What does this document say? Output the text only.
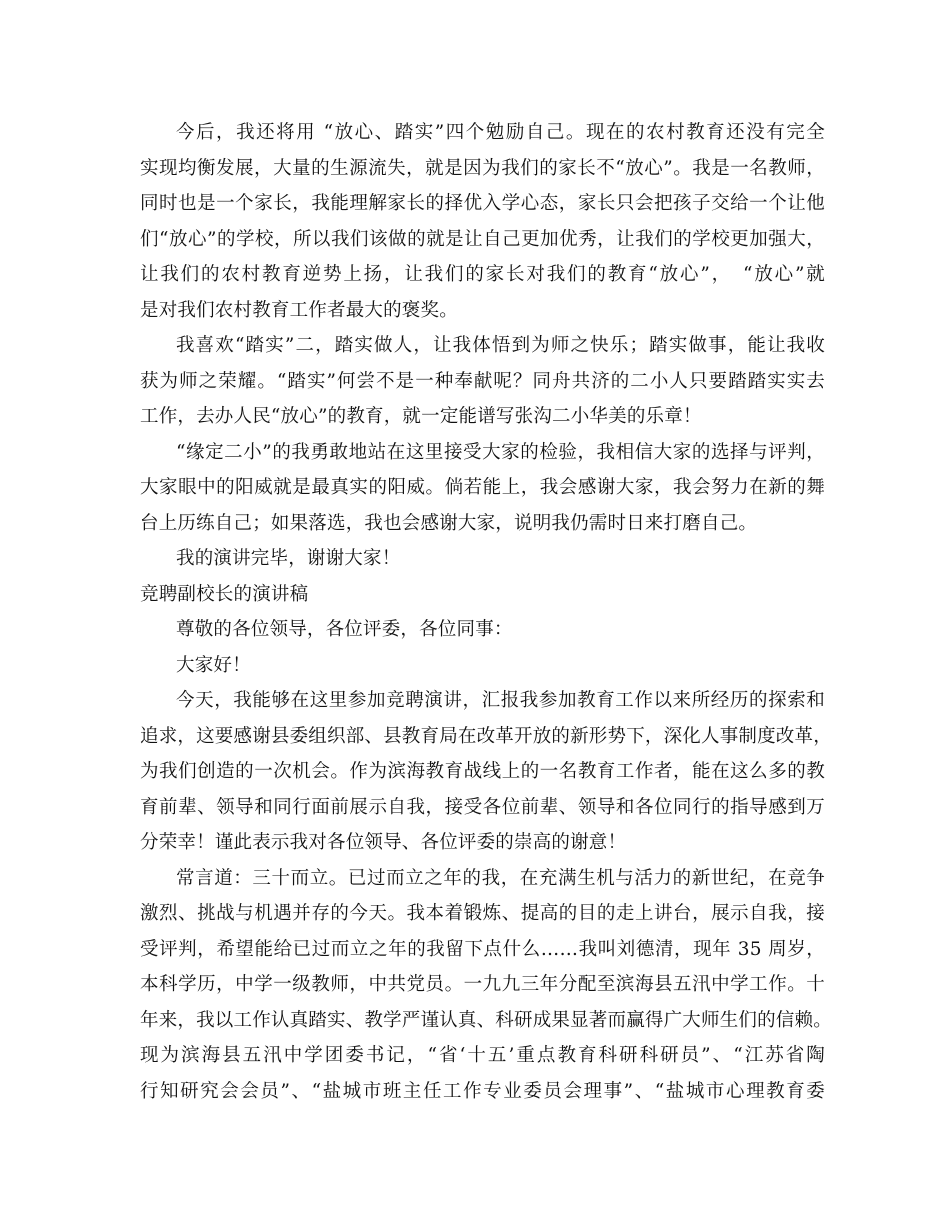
今后，我还将用 “放心、踏实”四个勉励自己。现在的农村教育还没有完全
实现均衡发展，大量的生源流失，就是因为我们的家长不“放心”。我是一名教师，
同时也是一个家长，我能理解家长的择优入学心态，家长只会把孩子交给一个让他
们“放心”的学校，所以我们该做的就是让自己更加优秀，让我们的学校更加强大，
让我们的农村教育逆势上扬，让我们的家长对我们的教育“放心”，　“放心”就
是对我们农村教育工作者最大的褒奖。
我喜欢“踏实”二，踏实做人，让我体悟到为师之快乐；踏实做事，能让我收
获为师之荣耀。“踏实”何尝不是一种奉献呢？同舟共济的二小人只要踏踏实实去
工作，去办人民“放心”的教育，就一定能谱写张沟二小华美的乐章！
“缘定二小”的我勇敢地站在这里接受大家的检验，我相信大家的选择与评判，
大家眼中的阳威就是最真实的阳威。倘若能上，我会感谢大家，我会努力在新的舞
台上历练自己；如果落选，我也会感谢大家，说明我仍需时日来打磨自己。
我的演讲完毕，谢谢大家！
竞聘副校长的演讲稿
尊敬的各位领导，各位评委，各位同事：
大家好！
今天，我能够在这里参加竞聘演讲，汇报我参加教育工作以来所经历的探索和
追求，这要感谢县委组织部、县教育局在改革开放的新形势下，深化人事制度改革，
为我们创造的一次机会。作为滨海教育战线上的一名教育工作者，能在这么多的教
育前辈、领导和同行面前展示自我，接受各位前辈、领导和各位同行的指导感到万
分荣幸！谨此表示我对各位领导、各位评委的崇高的谢意！
常言道：三十而立。已过而立之年的我，在充满生机与活力的新世纪，在竞争
激烈、挑战与机遇并存的今天。我本着锻炼、提高的目的走上讲台，展示自我，接
受评判，希望能给已过而立之年的我留下点什么……我叫刘德清，现年 35 周岁，
本科学历，中学一级教师，中共党员。一九九三年分配至滨海县五汛中学工作。十
年来，我以工作认真踏实、教学严谨认真、科研成果显著而赢得广大师生们的信赖。
现为滨海县五汛中学团委书记，“省‘十五’重点教育科研科研员”、“江苏省陶
行知研究会会员”、“盐城市班主任工作专业委员会理事”、“盐城市心理教育委
